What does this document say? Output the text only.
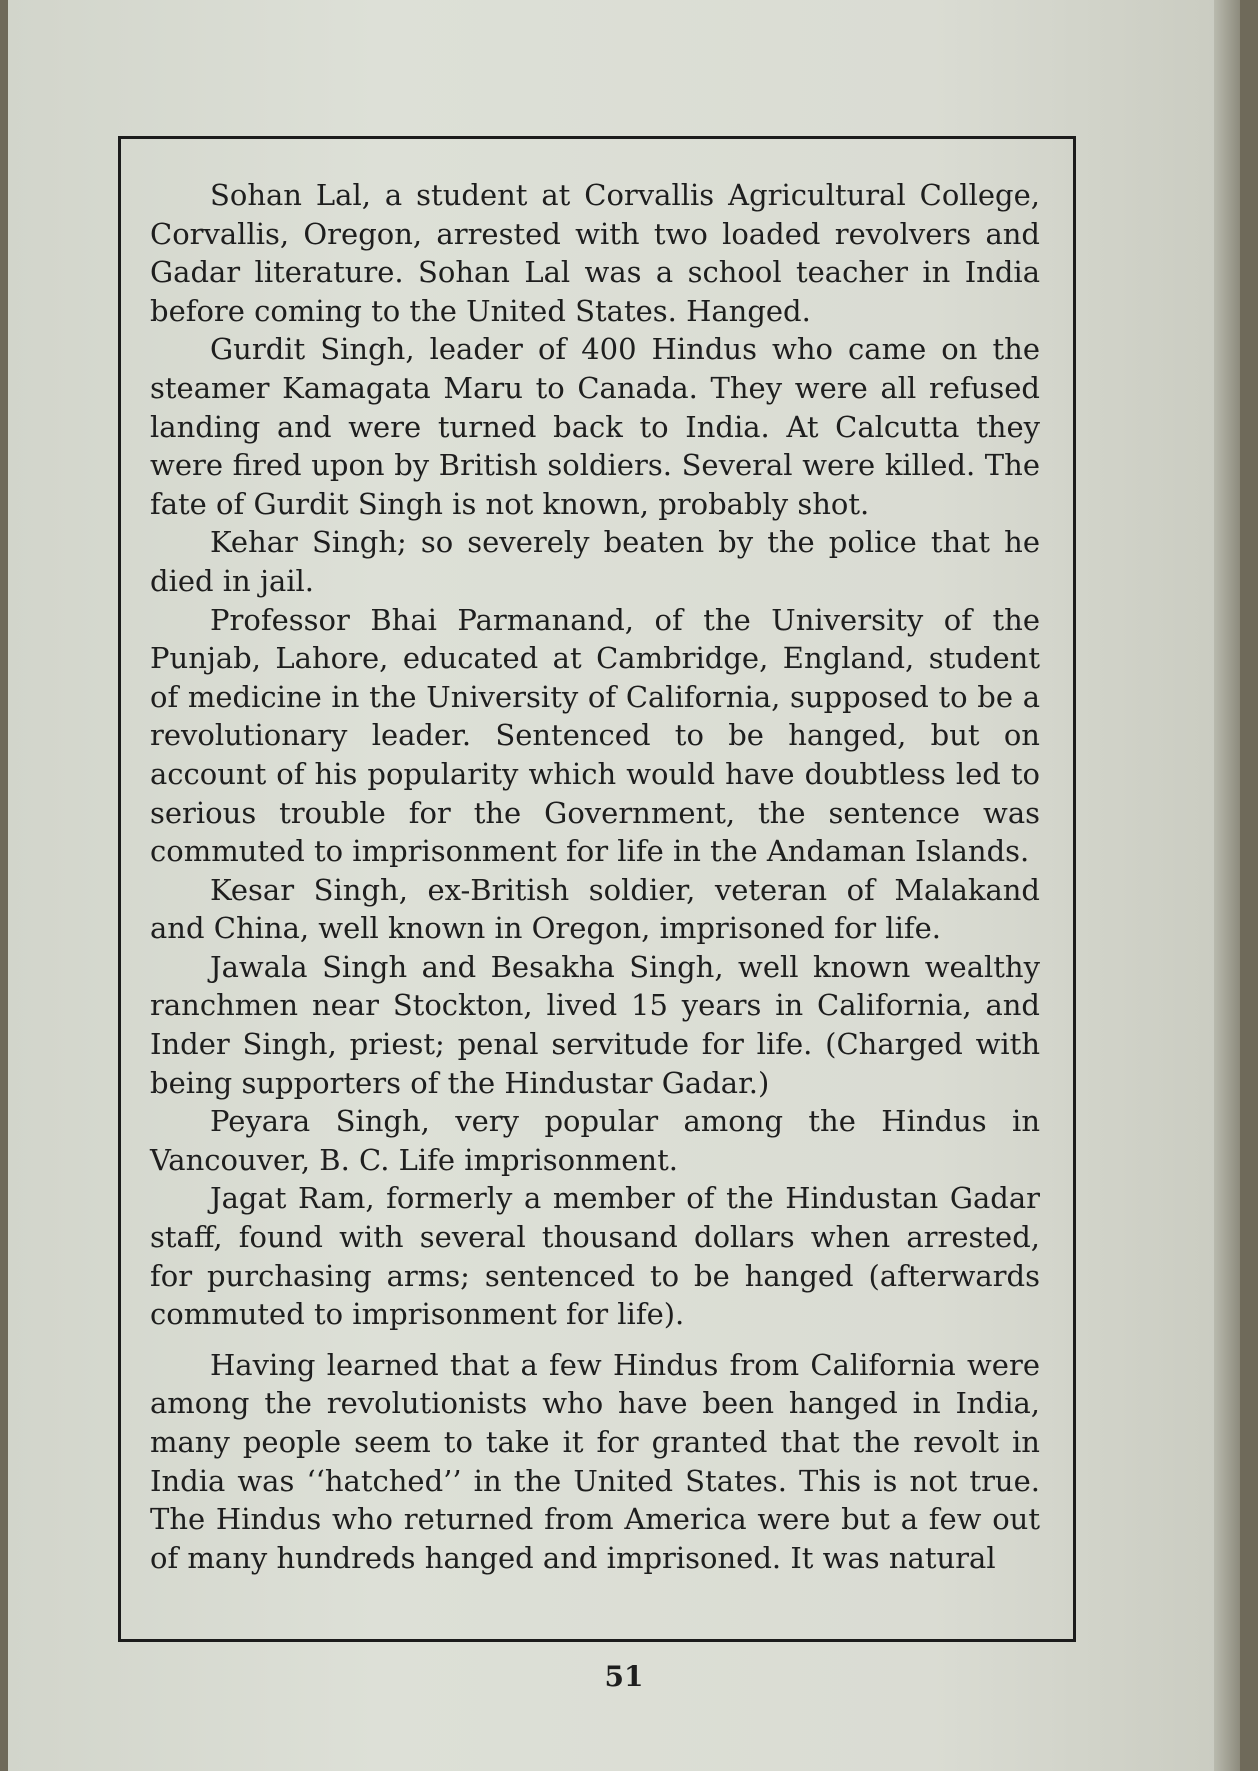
Sohan Lal, a student at Corvallis Agricultural College, Corvallis, Oregon, arrested with two loaded revolvers and Gadar literature. Sohan Lal was a school teacher in India before coming to the United States. Hanged.

Gurdit Singh, leader of 400 Hindus who came on the steamer Kamagata Maru to Canada. They were all refused landing and were turned back to India. At Calcutta they were fired upon by British soldiers. Several were killed. The fate of Gurdit Singh is not known, probably shot.

Kehar Singh; so severely beaten by the police that he died in jail.

Professor Bhai Parmanand, of the University of the Punjab, Lahore, educated at Cambridge, England, student of medicine in the University of California, supposed to be a revolutionary leader. Sentenced to be hanged, but on account of his popularity which would have doubtless led to serious trouble for the Government, the sentence was commuted to imprisonment for life in the Andaman Islands.

Kesar Singh, ex-British soldier, veteran of Malakand and China, well known in Oregon, imprisoned for life.

Jawala Singh and Besakha Singh, well known wealthy ranchmen near Stockton, lived 15 years in California, and Inder Singh, priest; penal servitude for life. (Charged with being supporters of the Hindustar Gadar.)

Peyara Singh, very popular among the Hindus in Vancouver, B. C. Life imprisonment.

Jagat Ram, formerly a member of the Hindustan Gadar staff, found with several thousand dollars when arrested, for purchasing arms; sentenced to be hanged (afterwards commuted to imprisonment for life).

Having learned that a few Hindus from California were among the revolutionists who have been hanged in India, many people seem to take it for granted that the revolt in India was ‘‘hatched’’ in the United States. This is not true. The Hindus who returned from America were but a few out of many hundreds hanged and imprisoned. It was natural

51
